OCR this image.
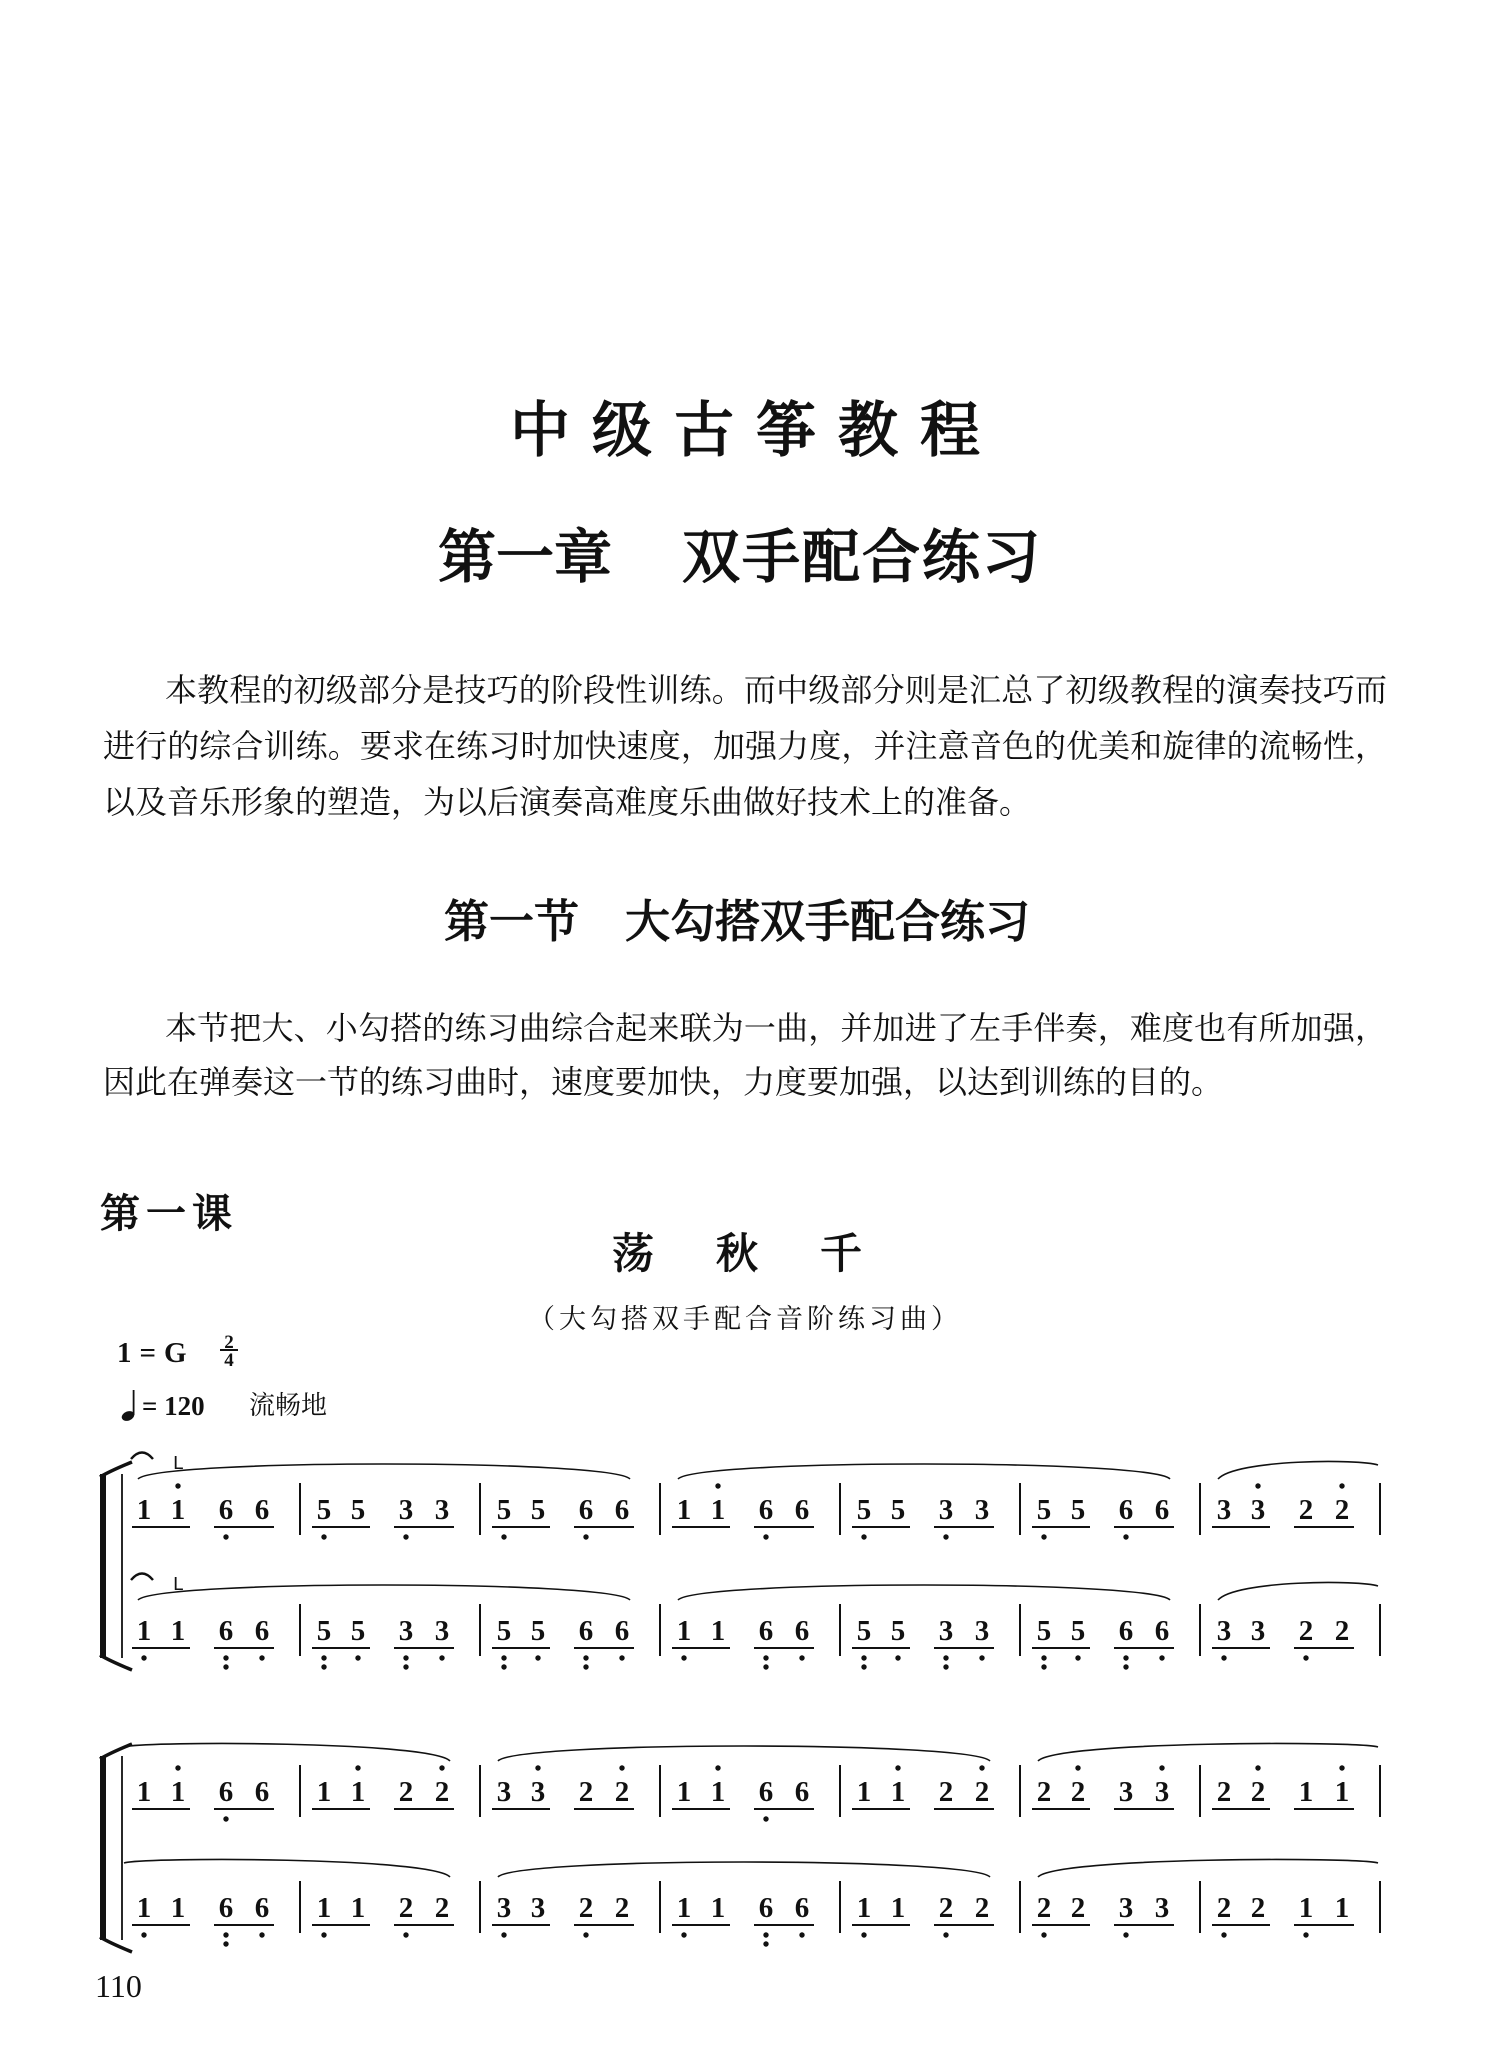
中级古筝教程
第一章 双手配合练习
本教程的初级部分是技巧的阶段性训练。而中级部分则是汇总了初级教程的演奏技巧而
进行的综合训练。要求在练习时加快速度，加强力度，并注意音色的优美和旋律的流畅性，
以及音乐形象的塑造，为以后演奏高难度乐曲做好技术上的准备。
第一节 大勾搭双手配合练习
本节把大、小勾搭的练习曲综合起来联为一曲，并加进了左手伴奏，难度也有所加强，
因此在弹奏这一节的练习曲时，速度要加快，力度要加强，以达到训练的目的。
第一课
荡秋千
（大勾搭双手配合音阶练习曲）
1=G 2
4
= 120 流畅地
1 1 6 6 5 5 3 3 5 5 6 6 1 1 6 6 5 5 3 3 5 5 6 6 3 3 2 2
L
1 1 6 6 5 5 3 3 5 5 6 6 1 1 6 6 5 5 3 3 5 5 6 6 3 3 2 2
L
1 1 6 6 1 1 2 2 3 3 2 2 1 1 6 6 1 1 2 2 2 2 3 3 2 2 1 1
1 1 6 6 1 1 2 2 3 3 2 2 1 1 6 6 1 1 2 2 2 2 3 3 2 2 1 1
110
